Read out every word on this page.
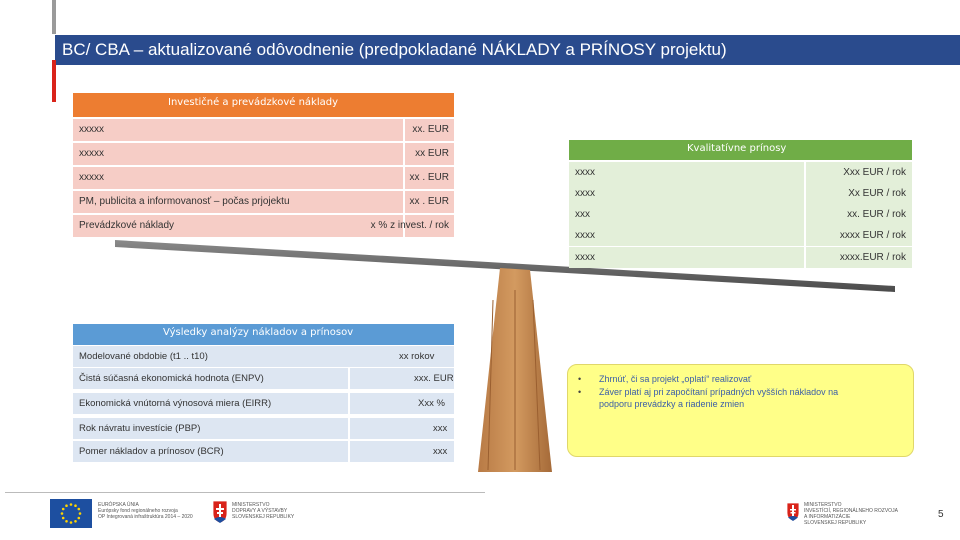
BC/ CBA – aktualizované odôvodnenie (predpokladané NÁKLADY a PRÍNOSY projektu)
Investičné a prevádzkové náklady
xxxxx	xx. EUR
xxxxx	xx EUR
xxxxx	xx . EUR
PM, publicita a informovanosť – počas prjojektu	xx . EUR
Prevádzkové náklady	x % z invest. / rok
Kvalitatívne prínosy
xxxx	Xxx EUR / rok
xxxx	Xx EUR / rok
xxx	xx. EUR / rok
xxxx	xxxx EUR / rok
xxxx	xxxx.EUR / rok
Výsledky analýzy nákladov a prínosov
Modelované obdobie (t1 .. t10)	xx rokov
Čistá súčasná ekonomická hodnota (ENPV)	xxx. EUR
Ekonomická vnútorná výnosová miera (EIRR)	Xxx %
Rok návratu investície (PBP)	xxx
Pomer nákladov a prínosov (BCR)	xxx
•
•
Zhrnúť, či sa projekt „oplatí“ realizovať
Záver platí aj pri započítaní prípadných vyšších nákladov na
podporu prevádzky a riadenie zmien
EURÓPSKA ÚNIA
Európsky fond regionálneho rozvoja
OP Integrovaná infraštruktúra 2014 – 2020
MINISTERSTVO
DOPRAVY A VÝSTAVBY
SLOVENSKEJ REPUBLIKY
MINISTERSTVO
INVESTÍCIÍ, REGIONÁLNEHO ROZVOJA
A INFORMATIZÁCIE
SLOVENSKEJ REPUBLIKY
5
